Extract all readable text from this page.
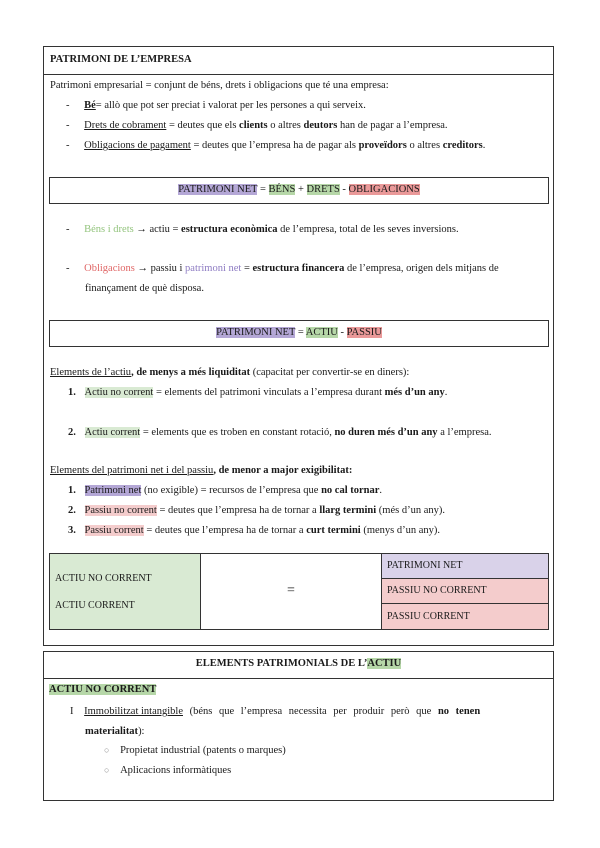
PATRIMONI DE L’EMPRESA
Patrimoni empresarial = conjunt de béns, drets i obligacions que té una empresa:
- Bé= allò que pot ser preciat i valorat per les persones a qui serveix.
- Drets de cobrament = deutes que els clients o altres deutors han de pagar a l’empresa.
- Obligacions de pagament = deutes que l’empresa ha de pagar als proveïdors o altres creditors.
PATRIMONI NET = BÉNS + DRETS - OBLIGACIONS
- Béns i drets → actiu = estructura econòmica de l’empresa, total de les seves inversions.
- Obligacions → passiu i patrimoni net = estructura financera de l’empresa, origen dels mitjans de
finançament de què disposa.
PATRIMONI NET = ACTIU - PASSIU
Elements de l’actiu, de menys a més liquiditat (capacitat per convertir-se en diners):
1. Actiu no corrent = elements del patrimoni vinculats a l’empresa durant més d’un any.
2. Actiu corrent = elements que es troben en constant rotació, no duren més d’un any a l’empresa.
Elements del patrimoni net i del passiu, de menor a major exigibilitat:
1. Patrimoni net (no exigible) = recursos de l’empresa que no cal tornar.
2. Passiu no corrent = deutes que l’empresa ha de tornar a llarg termini (més d’un any).
3. Passiu corrent = deutes que l’empresa ha de tornar a curt termini (menys d’un any).
ACTIU NO CORRENT
ACTIU CORRENT
=
PATRIMONI NET
PASSIU NO CORRENT
PASSIU CORRENT
ELEMENTS PATRIMONIALS DE L’ACTIU
ACTIU NO CORRENT
I Immobilitzat intangible (béns que l’empresa necessita per produir però que no tenen
materialitat):
○ Propietat industrial (patents o marques)
○ Aplicacions informàtiques
